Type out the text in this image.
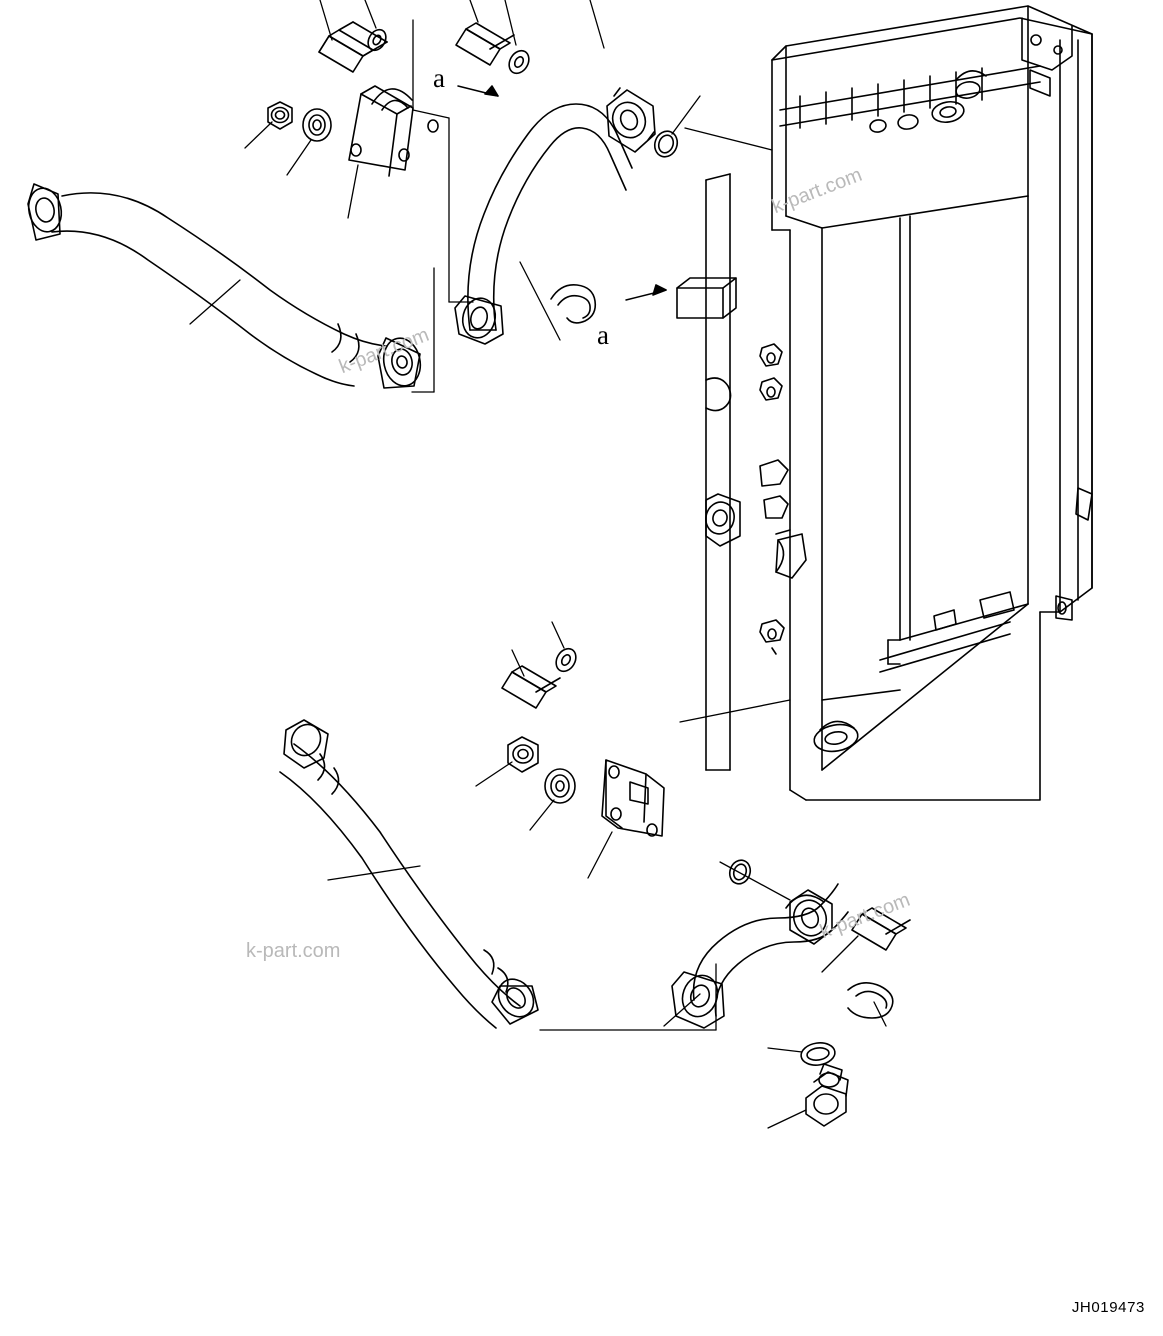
a
a
k-part.com
k-part.com
k-part.com
k-part.com
JH019473
